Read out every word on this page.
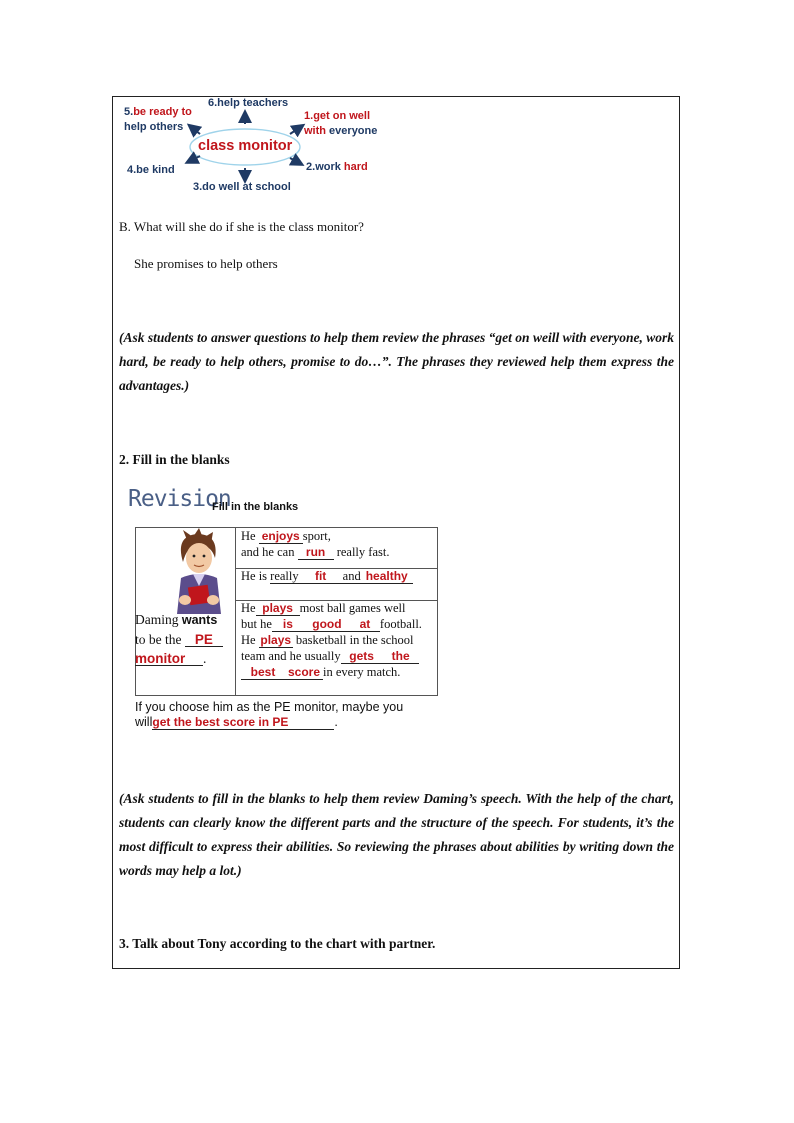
class monitor
6.help teachers
5.be ready to
help others
1.get on well
with everyone
4.be kind	2.work hard
3.do well at school
B. What will she do if she is the class monitor?
She promises to help others
(Ask students to answer questions to help them review the phrases “get on weill with everyone, work hard, be ready to help others, promise to do…”. The phrases they reviewed help them express the advantages.)
2. Fill in the blanks
Revision
Fill in the blanks
Daming wants
to be the PE
monitor .
He enjoys sport,
and he can run really fast.
He is really fit and healthy
He plays most ball games well
but he is good at football.
He plays basketball in the school
team and he usually gets the
best score in every match.
If you choose him as the PE monitor, maybe you
willget the best score in PE	.
(Ask students to fill in the blanks to help them review Daming’s speech. With the help of the chart, students can clearly know the different parts and the structure of the speech. For students, it’s the most difficult to express their abilities. So reviewing the phrases about abilities by writing down the words may help a lot.)
3. Talk about Tony according to the chart with partner.
